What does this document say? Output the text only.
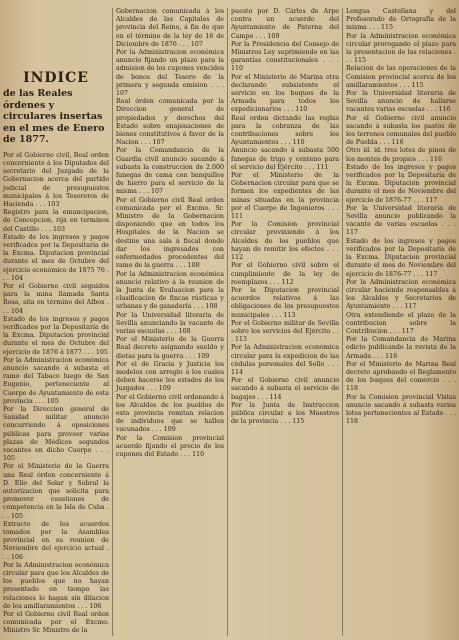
INDICE
de las Reales órdenes y circulares insertas en el mes de Enero de 1877.

Por el Gobierno civil, Real orden concerniente á los Diputados del secretario del Juzgado de la Gobernacion acerca del partido judicial de presupuestos municipales á los Tesoreros de Hacienda . . . 103

Registro para la emancipacion, de Concepcion, rija en terminos del Castillo . . . 103

Estado de los ingresos y pagos verificados por la Depositaría de la Excma. Diputacion provincial durante el mes de Octubre del ejercicio económico de 1875 76 . . . 104

Por el Gobierno civil seguidos para la mina llamada Santa Rosa, sita en término del Albox . . . 104

Estado de los ingresos y pagos verificados por la Depositaría de la Excma. Diputacion provincial durante el mes de Octubre del ejercicio de 1876 á 1877 . . . 105

Por la Administracion económica anuncio sacando á subasta el ramo del Tabaco luego de San Eugenio, perteneciente al Cuerpo de Ayuntamiento de esta provincia . . . 105

Por la Direccion general de Sanidad militar anuncio concurriendo á oposiciones públicas para proveer varias plazas de Médicos segundos vacantes en dicho Cuerpo . . . 105

Por el Ministerio de la Guerra una Real órden concerniente á D. Elio del Solar y Sobral la autorizacion que solicita para promover cuestiones de competencia en la Isla de Cuba . . . 105

Extracto de los acuerdos tomados por la Asamblea provincial en su reunion de Noviembre del ejercicio actual . . . 106

Por la Administracion económica circular para que los Alcaldes de los pueblos que no hayan presentado en tiempo las relaciones lo hagan sin dilacion de los amillaramientos . . . 106

Por el Gobierno civil Real orden comunicada por el Excmo. Ministro Sr. Ministro de la

Gobernacion comunicada á los Alcaldes de las Capitales de provincia del Reino, á fin de que en el término de la ley de 16 de Diciembre de 1876 . . . 107

Por la Administracion económica anuncio fijando un plazo para la admision de los cupones vencidos de bonos del Tesoro de la primera y segunda emision . . . 107

Real órden comunicada por la Direccion general de propiedades y derechos del Estado sobre enajenaciones de bienes constitutivos á favor de la Nacion . . . 107

Por la Comandancia de la Guardia civil anuncio sacando á subasta la construccion de 2.000 fanegas de cama con banquillos de hierro para el servicio de la misma . . . 107

Por el Gobierno civil Real orden comunicada por el Excmo. Sr. Ministro de la Gobernacion disponiendo que en todos los Hospitales de la Nacion se destine una sala á fiscal donde dar los ingresados con enfermedades procedentes del ramo de la guerra . . . 108

Por la Administracion económica anuncio relativo á la reunion de la Junta de Evaluacion para la clasificacion de fincas rústicas y urbanas y de ganadería . . . 108

Por la Universidad literaria de Sevilla anunciando la vacante de varias escuelas . . . 108

Por el Ministerio de la Guerra Real decreto asignando sueldo y dietas para la guerra . . . 109

Por el de Gracia y Justicia los modelos con arreglo á los cuales deben hacerse los estados de los Juzgados . . . 109

Por el Gobierno civil ordenando á los Alcaldes de los pueblos de esta provincia remitan relacion de individuos que se hallen vacunados . . . 109

Por la Comision provincial acuerdo fijando el precio de los cupones del Estado . . . 110

puesto por D. Cárlos de Arpe contra un acuerdo del Ayuntamiento de Paterna del Campo . . . 109

Por la Presidencia del Consejo de Ministros Ley suprimiendo en las garantías constitucionales . . . 110

Por el Ministerio de Marina otra declarando subsistente el servicio en los buques de la Armada para todos los expedicionarios . . . 110

Real orden dictando las reglas para la cobranza de las contribuciones sobre los Ayuntamientos . . . 110

Anuncio sacando á subasta 500 fanegas de trigo y centeno para el servicio del Ejército . . . 111

Por el Ministerio de la Gobernacion circular para que se formen los expedientes de las minas situadas en la provincia por el Cuerpo de Ingenieros . . . 111

Por la Comision provincial circular previniendo á los Alcaldes de los pueblos que hayan de remitir los efectos . . . 112

Por el Gobierno civil sobre el cumplimiento de la ley de reemplazos . . . 112

Por la Diputacion provincial acuerdos relativos á las obligaciones de los presupuestos municipales . . . 113

Por el Gobierno militar de Sevilla sobre los servicios del Ejército . . . 113

Por la Administracion económica circular para la expedicion de las cédulas personales del Sello . . . 114

Por el Gobierno civil anuncio sacando á subasta el servicio de bagajes . . . 114

Por la Junta de Instruccion pública circular a los Maestros de la provincia . . . 115

Lengua Castellana y del Profesorado de Ortografía de la misma . . . 115

Por la Administracion económica circular prorogando el plazo para la presentacion de las relaciones . . . 115

Relacion de las operaciones de la Comision provincial acerca de los amillaramientos . . . 115

Por la Universidad literaria de Sevilla anuncio de hallarse vacantes varias escuelas . . . 116

Por el Gobierno civil anuncio sacando á subasta los pastos de los terrenos comunales del pueblo de Puebla . . . 116

Otro id. id. tres lotes de pinos de los montes de propios . . . 116

Estado de los ingresos y pagos verificados por la Depositaría de la Excma. Diputacion provincial durante el mes de Noviembre del ejercicio de 1876-77 . . . 117

Por la Universidad literaria de Sevilla anuncio publicando la vacante de varias escuelas . . . 117

Estado de los ingresos y pagos verificados por la Depositaría de la Excma. Diputacion provincial durante el mes de Noviembre del ejercicio de 1876-77 . . . 117

Por la Administracion económica circular haciendo responsables á los Alcaldes y Secretarios de Ayuntamiento . . . 117

Otra extendiendo el plazo de la contribucion sobre la Contribucion . . . 117

Por la Comandancia de Marina edicto publicando la revista de la Armada . . . 118

Por el Ministerio de Marina Real decreto aprobando el Reglamento de los buques del comercio . . . 118

Por la Comision provincial Vistas anuncio sacando á subasta varios lotes pertenecientes al Estado . . . 118
